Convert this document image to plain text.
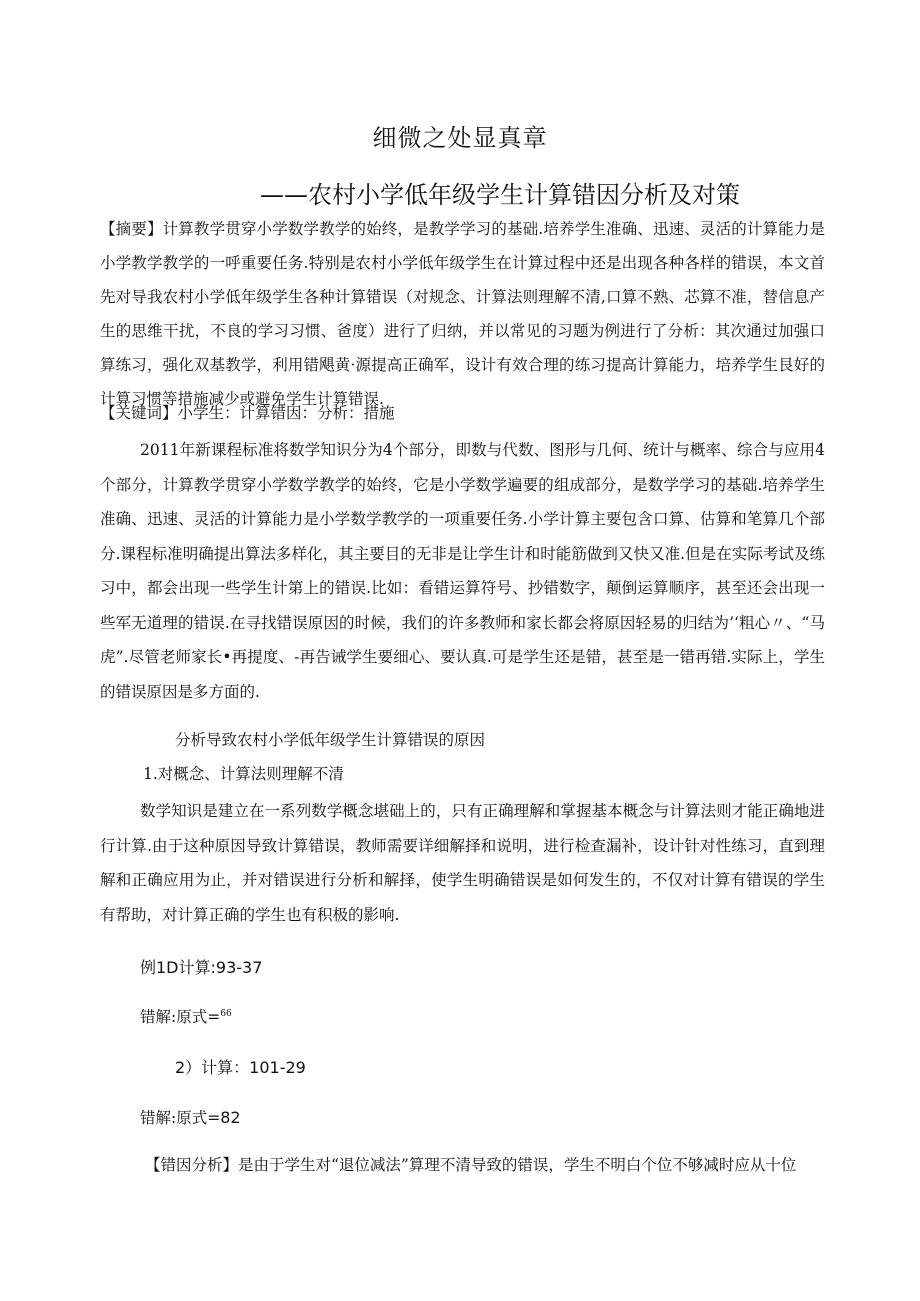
细微之处显真章
——农村小学低年级学生计算错因分析及对策
【摘要】计算教学贯穿小学数学教学的始终，是教学学习的基础.培养学生准确、迅速、灵活的计算能力是小学教学教学的一呼重要任务.特别是农村小学低年级学生在计算过程中还是出现各种各样的错误，本文首先对导我农村小学低年级学生各种计算错误（对规念、计算法则理解不清,口算不熟、芯算不准，替信息产生的思维干扰，不良的学习习惯、爸度）进行了归纳，并以常见的习题为例进行了分析：其次通过加强口算练习，强化双基教学，利用错飓黄·源提高正确军，设计有效合理的练习提高计算能力，培养学生艮好的计算习惯等措施减少或避免学生计算错误.
【关键词】小学生：计算错因：分析：措施
2011年新课程标准将数学知识分为4个部分，即数与代数、图形与几何、统计与概率、综合与应用4个部分，计算教学贯穿小学数学教学的始终，它是小学数学遍要的组成部分，是数学学习的基础.培养学生准确、迅速、灵活的计算能力是小学数学教学的一项重要任务.小学计算主要包含口算、估算和笔算几个部分.课程标准明确提出算法多样化，其主要目的无非是让学生计和时能筋做到又快又准.但是在实际考试及练习中，都会出现一些学生计第上的错误.比如：看错运算符号、抄错数字，颠倒运算顺序，甚至还会出现一些军无道理的错误.在寻找错误原因的时候，我们的许多教师和家长都会将原因轻易的归结为’‘粗心〃、“马虎”.尽管老师家长•再提度、-再告诫学生要细心、要认真.可是学生还是错，甚至是一错再错.实际上，学生的错误原因是多方面的.
分析导致农村小学低年级学生计算错误的原因
1.对概念、计算法则理解不清
数学知识是建立在一系列数学概念堪础上的，只有正确理解和掌握基本概念与计算法则才能正确地进行计算.由于这种原因导致计算错误，教师需要详细解择和说明，进行检查漏补，设计针对性练习，直到理解和正确应用为止，并对错误进行分析和解择，使学生明确错误是如何发生的，不仅对计算有错误的学生有帮助，对计算正确的学生也有积极的影响.
例1D计算:93-37
错解:原式=$^{66}$
2）计算：101-29
错解:原式=82
【错因分析】是由于学生对“退位减法”算理不清导致的错误，学生不明白个位不够减时应从十位
